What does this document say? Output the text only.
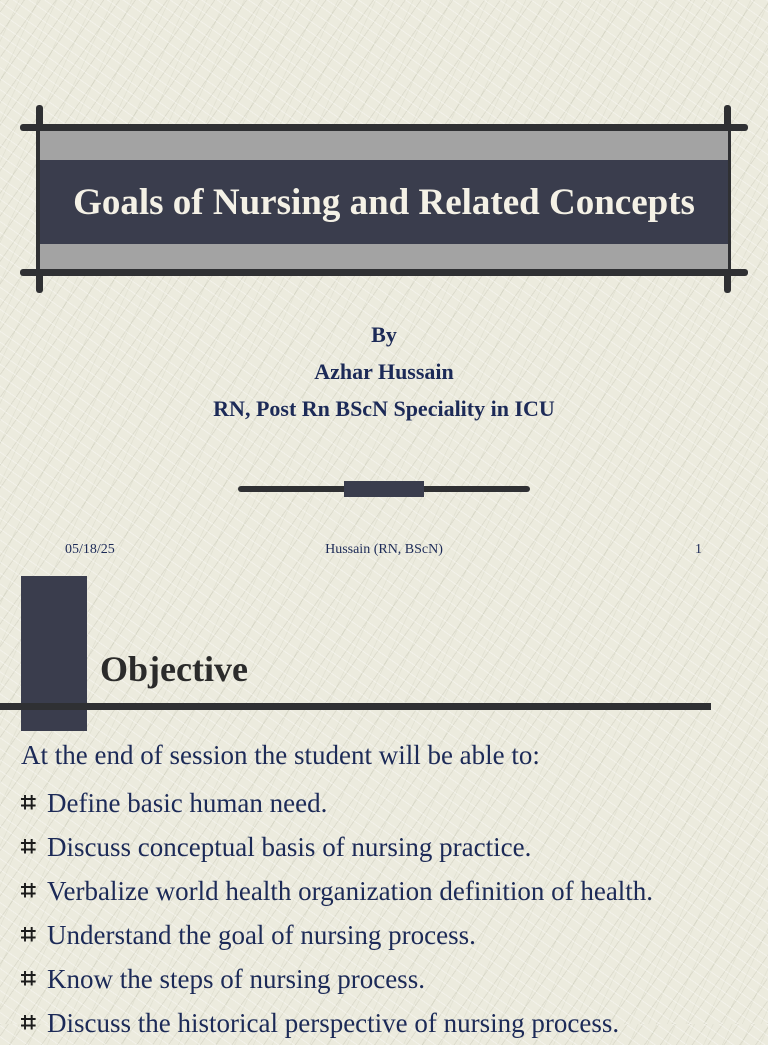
Goals of Nursing and Related Concepts
By
Azhar Hussain
RN, Post Rn BScN Speciality in ICU
05/18/25	Hussain (RN, BScN)	1
Objective
At the end of session the student will be able to:
⌗ Define basic human need.
⌗ Discuss conceptual basis of nursing practice.
⌗ Verbalize world health organization definition of health.
⌗ Understand the goal of nursing process.
⌗ Know the steps of nursing process.
⌗ Discuss the historical perspective of nursing process.
